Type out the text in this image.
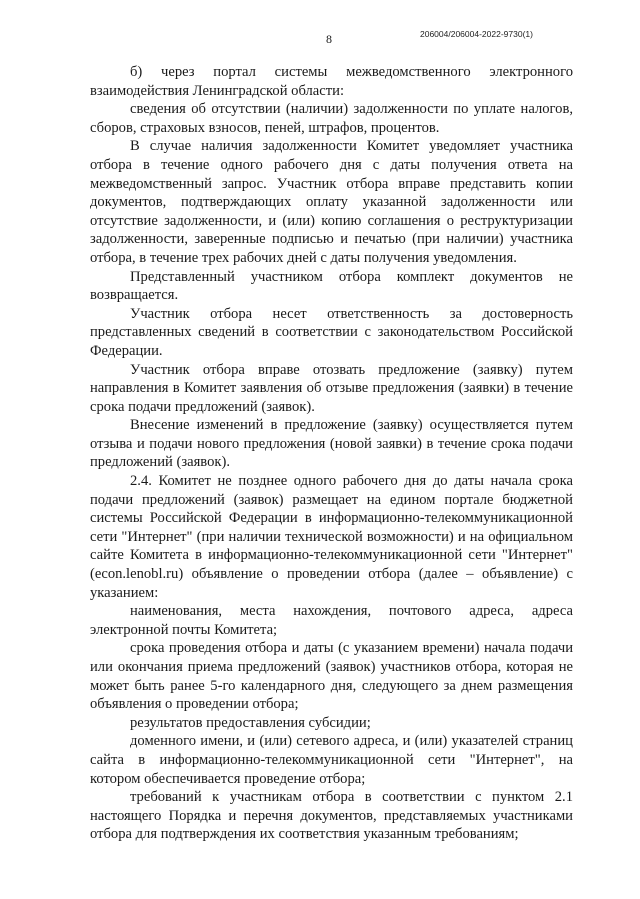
8	206004/206004-2022-9730(1)

б) через портал системы межведомственного электронного взаимодействия Ленинградской области:

сведения об отсутствии (наличии) задолженности по уплате налогов, сборов, страховых взносов, пеней, штрафов, процентов.

В случае наличия задолженности Комитет уведомляет участника отбора в течение одного рабочего дня с даты получения ответа на межведомственный запрос. Участник отбора вправе представить копии документов, подтверждающих оплату указанной задолженности или отсутствие задолженности, и (или) копию соглашения о реструктуризации задолженности, заверенные подписью и печатью (при наличии) участника отбора, в течение трех рабочих дней с даты получения уведомления.

Представленный участником отбора комплект документов не возвращается.

Участник отбора несет ответственность за достоверность представленных сведений в соответствии с законодательством Российской Федерации.

Участник отбора вправе отозвать предложение (заявку) путем направления в Комитет заявления об отзыве предложения (заявки) в течение срока подачи предложений (заявок).

Внесение изменений в предложение (заявку) осуществляется путем отзыва и подачи нового предложения (новой заявки) в течение срока подачи предложений (заявок).

2.4. Комитет не позднее одного рабочего дня до даты начала срока подачи предложений (заявок) размещает на едином портале бюджетной системы Российской Федерации в информационно-телекоммуникационной сети "Интернет" (при наличии технической возможности) и на официальном сайте Комитета в информационно-телекоммуникационной сети "Интернет" (econ.lenobl.ru) объявление о проведении отбора (далее – объявление) с указанием:

наименования, места нахождения, почтового адреса, адреса электронной почты Комитета;

срока проведения отбора и даты (с указанием времени) начала подачи или окончания приема предложений (заявок) участников отбора, которая не может быть ранее 5-го календарного дня, следующего за днем размещения объявления о проведении отбора;

результатов предоставления субсидии;

доменного имени, и (или) сетевого адреса, и (или) указателей страниц сайта в информационно-телекоммуникационной сети "Интернет", на котором обеспечивается проведение отбора;

требований к участникам отбора в соответствии с пунктом 2.1 настоящего Порядка и перечня документов, представляемых участниками отбора для подтверждения их соответствия указанным требованиям;
